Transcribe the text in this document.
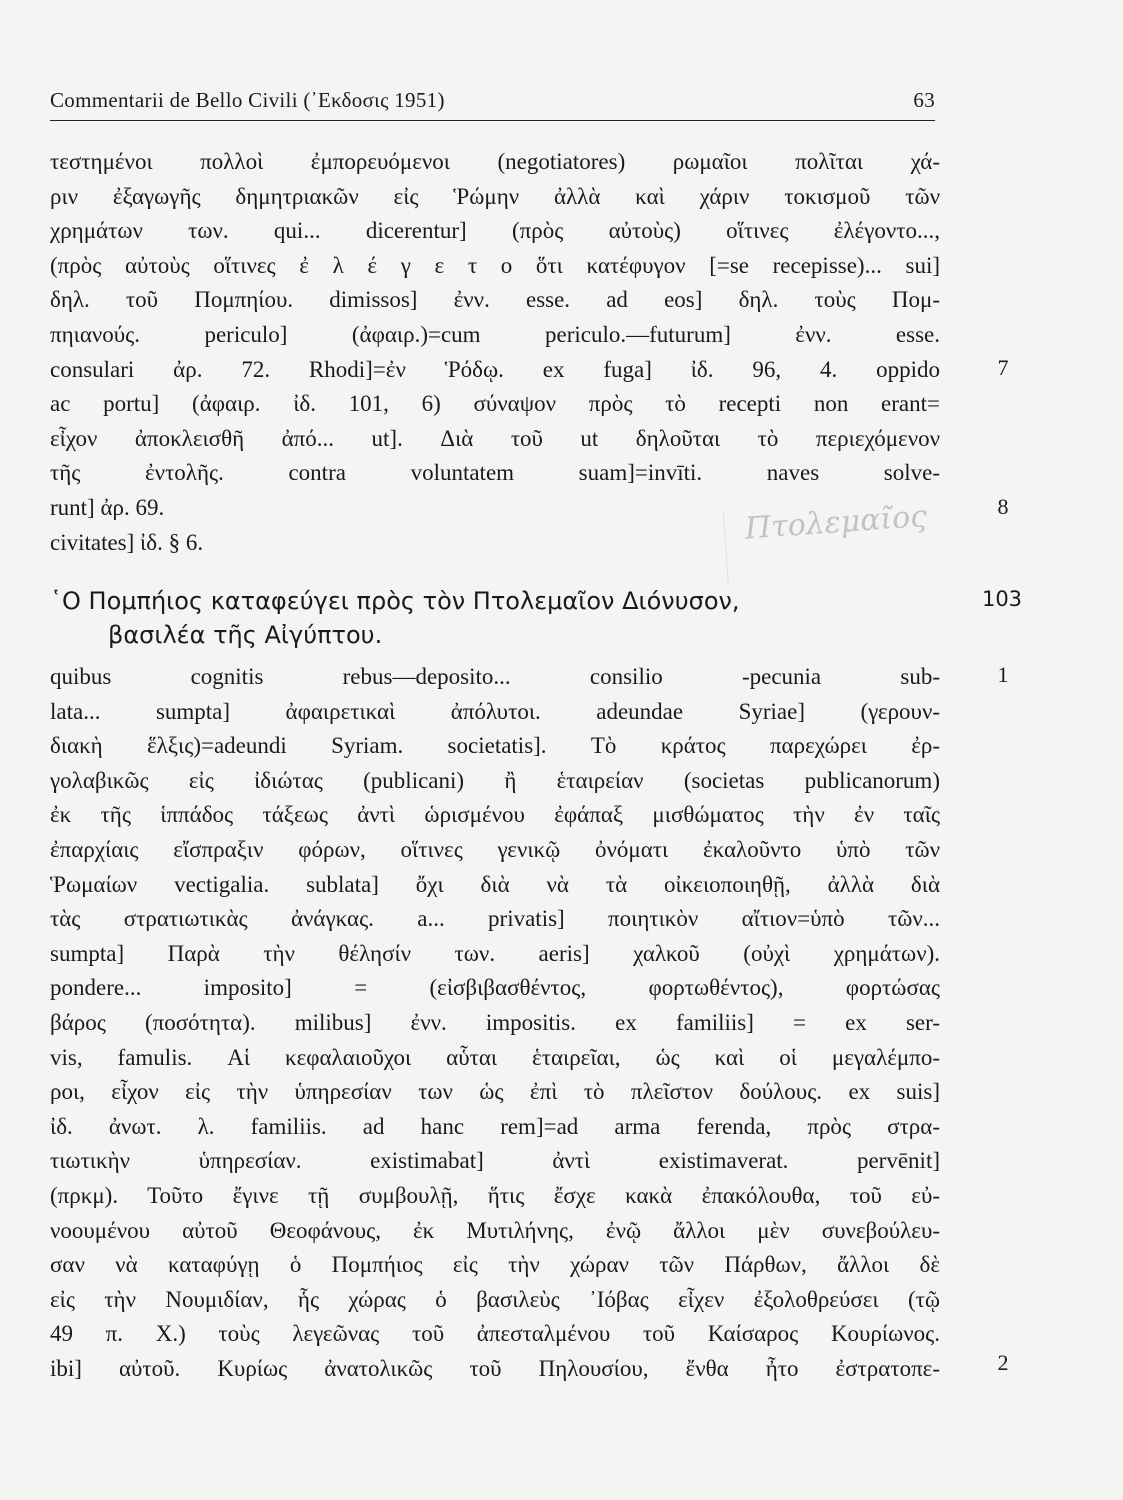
Commentarii de Bello Civili (᾿Εκδοσις 1951)	63
τεστημένοι πολλοὶ ἐμπορευόμενοι (negotiatores) ρωμαῖοι πολῖται χά-
ριν ἐξαγωγῆς δημητριακῶν εἰς Ῥώμην ἀλλὰ καὶ χάριν τοκισμοῦ τῶν
χρημάτων των. qui... dicerentur] (πρὸς αὐτοὺς) οἵτινες ἐλέγοντο...,
(πρὸς αὐτοὺς οἵτινες ἐ λ έ γ ε τ ο ὅτι κατέφυγον [=se recepisse)... sui]
δηλ. τοῦ Πομπηίου. dimissos] ἐνν. esse. ad eos] δηλ. τοὺς Πομ-
πηιανούς. periculo] (ἀφαιρ.)=cum periculo.—futurum] ἐνν. esse.
consulari ἀρ. 72. Rhodi]=ἐν Ῥόδῳ. ex fuga] ἰδ. 96, 4. oppido
ac portu] (ἀφαιρ. ἰδ. 101, 6) σύναψον πρὸς τὸ recepti non erant=
εἶχον ἀποκλεισθῆ ἀπό... ut]. Διὰ τοῦ ut δηλοῦται τὸ περιεχόμενον
τῆς ἐντολῆς. contra voluntatem suam]=invīti. naves solve-
runt] ἀρ. 69.
civitates] ἰδ. § 6.
7
8
Πτολεμαῖος
῾Ο Πομπήιος καταφεύγει πρὸς τὸν Πτολεμαῖον Διόνυσον,
βασιλέα τῆς Αἰγύπτου.
103
quibus cognitis rebus—deposito... consilio -pecunia sub-
lata... sumpta] ἀφαιρετικαὶ ἀπόλυτοι. adeundae Syriae] (γερουν-
διακὴ ἕλξις)=adeundi Syriam. societatis]. Τὸ κράτος παρεχώρει ἐρ-
γολαβικῶς εἰς ἰδιώτας (publicani) ἢ ἑταιρείαν (societas publicanorum)
ἐκ τῆς ἱππάδος τάξεως ἀντὶ ὡρισμένου ἐφάπαξ μισθώματος τὴν ἐν ταῖς
ἐπαρχίαις εἴσπραξιν φόρων, οἵτινες γενικῷ ὀνόματι ἐκαλοῦντο ὑπὸ τῶν
Ῥωμαίων vectigalia. sublata] ὄχι διὰ νὰ τὰ οἰκειοποιηθῇ, ἀλλὰ διὰ
τὰς στρατιωτικὰς ἀνάγκας. a... privatis] ποιητικὸν αἴτιον=ὑπὸ τῶν...
sumpta] Παρὰ τὴν θέλησίν των. aeris] χαλκοῦ (οὐχὶ χρημάτων).
pondere... imposito] = (εἰσβιβασθέντος, φορτωθέντος), φορτώσας
βάρος (ποσότητα). milibus] ἐνν. impositis. ex familiis] = ex ser-
vis, famulis. Αἱ κεφαλαιοῦχοι αὗται ἑταιρεῖαι, ὡς καὶ οἱ μεγαλέμπο-
ροι, εἶχον εἰς τὴν ὑπηρεσίαν των ὡς ἐπὶ τὸ πλεῖστον δούλους. ex suis]
ἰδ. ἀνωτ. λ. familiis. ad hanc rem]=ad arma ferenda, πρὸς στρα-
τιωτικὴν ὑπηρεσίαν. existimabat] ἀντὶ existimaverat. pervēnit]
(πρκμ). Τοῦτο ἔγινε τῇ συμβουλῇ, ἥτις ἔσχε κακὰ ἐπακόλουθα, τοῦ εὐ-
νοουμένου αὐτοῦ Θεοφάνους, ἐκ Μυτιλήνης, ἐνῷ ἄλλοι μὲν συνεβούλευ-
σαν νὰ καταφύγῃ ὁ Πομπήιος εἰς τὴν χώραν τῶν Πάρθων, ἄλλοι δὲ
εἰς τὴν Νουμιδίαν, ἧς χώρας ὁ βασιλεὺς ᾿Ιόβας εἶχεν ἐξολοθρεύσει (τῷ
49 π. Χ.) τοὺς λεγεῶνας τοῦ ἀπεσταλμένου τοῦ Καίσαρος Κουρίωνος.
ibi] αὐτοῦ. Κυρίως ἀνατολικῶς τοῦ Πηλουσίου, ἔνθα ἦτο ἐστρατοπε-
1
2
